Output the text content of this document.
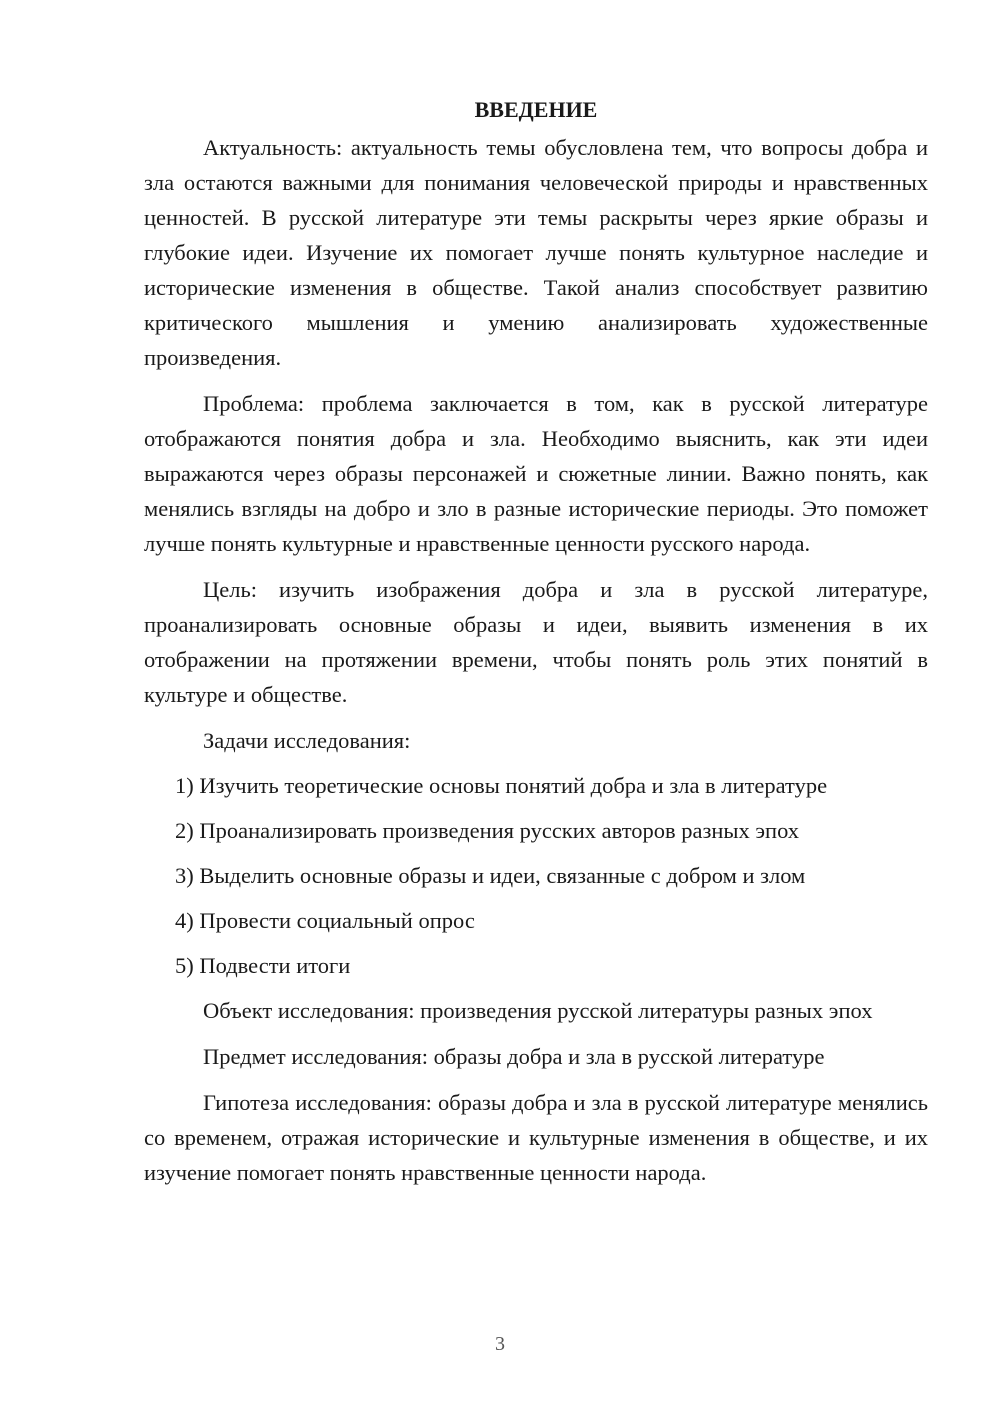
ВВЕДЕНИЕ

Актуальность: актуальность темы обусловлена тем, что вопросы добра и зла остаются важными для понимания человеческой природы и нравственных ценностей. В русской литературе эти темы раскрыты через яркие образы и глубокие идеи. Изучение их помогает лучше понять культурное наследие и исторические изменения в обществе. Такой анализ способствует развитию критического мышления и умению анализировать художественные произведения.

Проблема: проблема заключается в том, как в русской литературе отображаются понятия добра и зла. Необходимо выяснить, как эти идеи выражаются через образы персонажей и сюжетные линии. Важно понять, как менялись взгляды на добро и зло в разные исторические периоды. Это поможет лучше понять культурные и нравственные ценности русского народа.

Цель: изучить изображения добра и зла в русской литературе, проанализировать основные образы и идеи, выявить изменения в их отображении на протяжении времени, чтобы понять роль этих понятий в культуре и обществе.

Задачи исследования:

1) Изучить теоретические основы понятий добра и зла в литературе

2) Проанализировать произведения русских авторов разных эпох

3) Выделить основные образы и идеи, связанные с добром и злом

4) Провести социальный опрос

5) Подвести итоги

Объект исследования: произведения русской литературы разных эпох

Предмет исследования: образы добра и зла в русской литературе

Гипотеза исследования: образы добра и зла в русской литературе менялись со временем, отражая исторические и культурные изменения в обществе, и их изучение помогает понять нравственные ценности народа.

3
